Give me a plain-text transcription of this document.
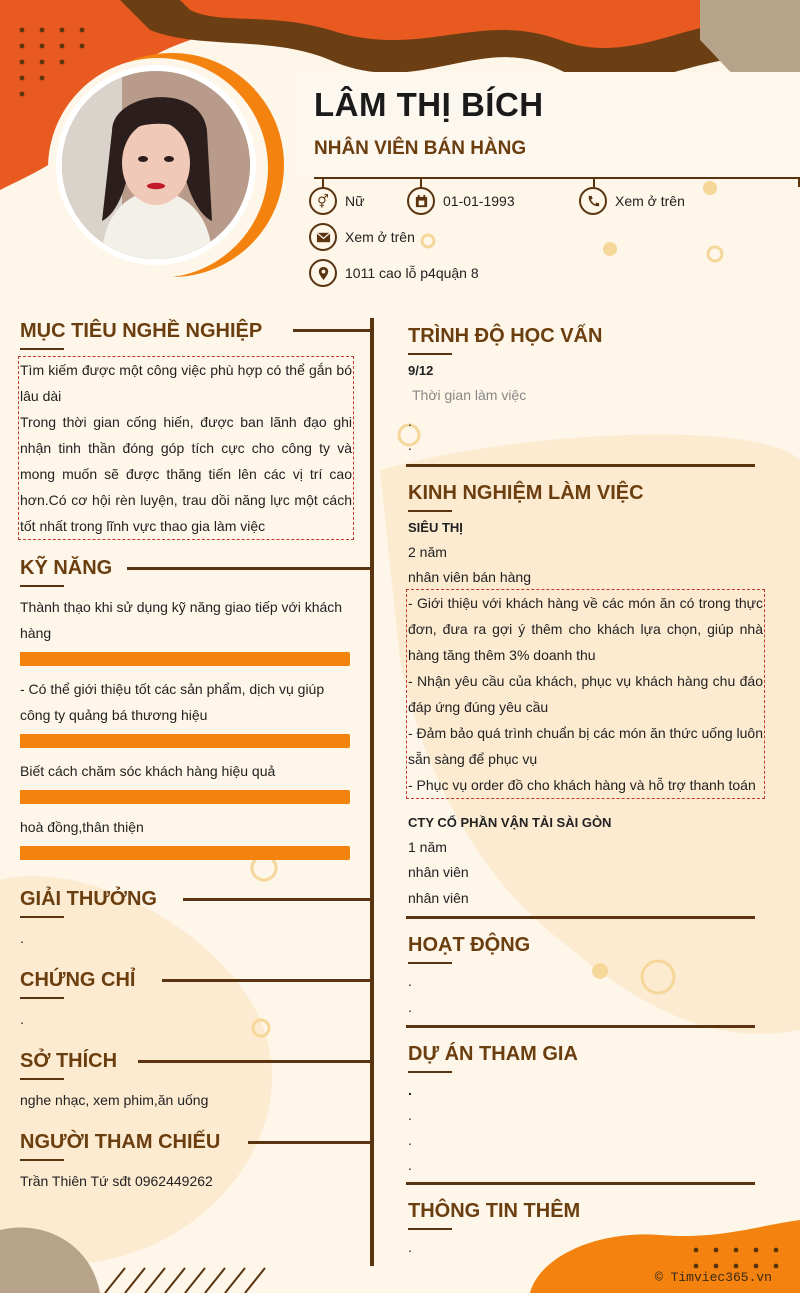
LÂM THỊ BÍCH
NHÂN VIÊN BÁN HÀNG
⚥	Nữ	01-01-1993	Xem ở trên
Xem ở trên
1011 cao lỗ p4quận 8
MỤC TIÊU NGHỀ NGHIỆP
Tìm kiếm được một công việc phù hợp có thể gắn bó lâu dài
Trong thời gian cống hiến, được ban lãnh đạo ghi nhận tinh thần đóng góp tích cực cho công ty và mong muốn sẽ được thăng tiến lên các vị trí cao hơn.Có cơ hội rèn luyện, trau dồi năng lực một cách tốt nhất trong lĩnh vực thao gia làm việc
KỸ NĂNG
Thành thạo khi sử dụng kỹ năng giao tiếp với khách hàng
- Có thể giới thiệu tốt các sản phẩm, dịch vụ giúp công ty quảng bá thương hiệu
Biết cách chăm sóc khách hàng hiệu quả
hoà đồng,thân thiện
GIẢI THƯỞNG
.
CHỨNG CHỈ
.
SỞ THÍCH
nghe nhạc, xem phim,ăn uống
NGƯỜI THAM CHIẾU
Trần Thiên Tứ sđt 0962449262
TRÌNH ĐỘ HỌC VẤN
9/12
Thời gian làm việc
.
.
KINH NGHIỆM LÀM VIỆC
SIÊU THỊ
2 năm
nhân viên bán hàng
- Giới thiệu với khách hàng về các món ăn có trong thực đơn, đưa ra gợi ý thêm cho khách lựa chọn, giúp nhà hàng tăng thêm 3% doanh thu
- Nhận yêu cầu của khách, phục vụ khách hàng chu đáo đáp ứng đúng yêu cầu
- Đảm bảo quá trình chuẩn bị các món ăn thức uống luôn sẵn sàng để phục vụ
- Phục vụ order đồ cho khách hàng và hỗ trợ thanh toán
CTY CỔ PHẦN VẬN TẢI SÀI GÒN
1 năm
nhân viên
nhân viên
HOẠT ĐỘNG
.
.
DỰ ÁN THAM GIA
.
.
.
.
THÔNG TIN THÊM
.
© Timviec365.vn
